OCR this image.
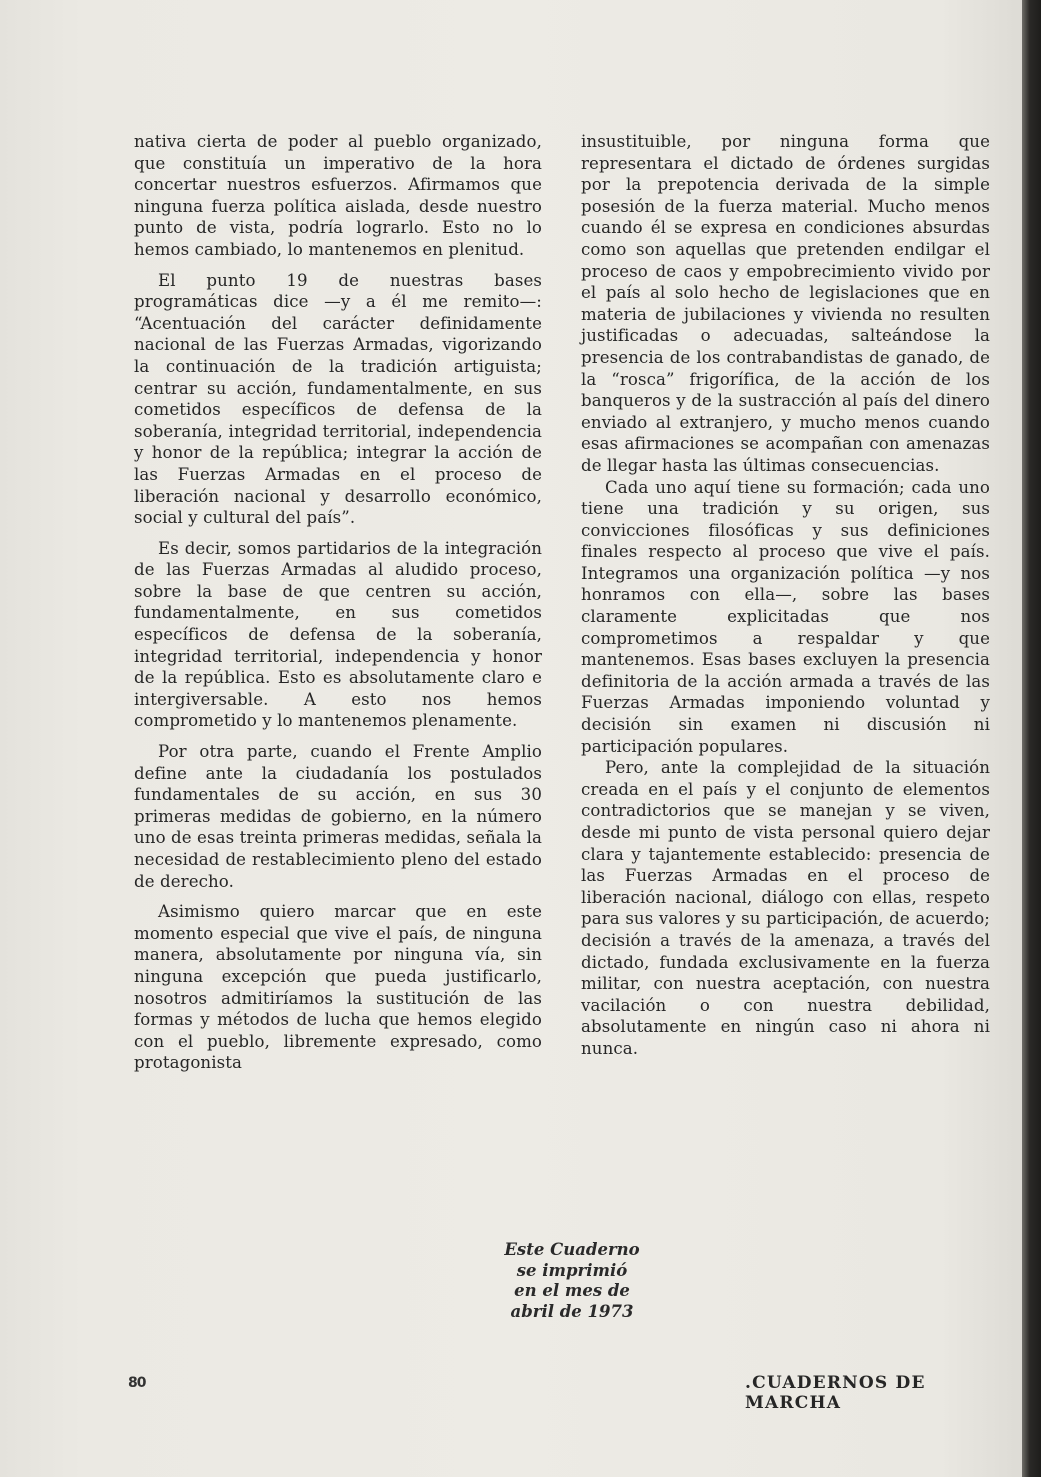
nativa cierta de poder al pueblo organizado, que constituía un imperativo de la hora concertar nuestros esfuerzos. Afirmamos que ninguna fuerza política aislada, desde nuestro punto de vista, podría lograrlo. Esto no lo hemos cambiado, lo mantenemos en plenitud.

El punto 19 de nuestras bases programáticas dice —y a él me remito—: “Acentuación del carácter definidamente nacional de las Fuerzas Armadas, vigorizando la continuación de la tradición artiguista; centrar su acción, fundamentalmente, en sus cometidos específicos de defensa de la soberanía, integridad territorial, independencia y honor de la república; integrar la acción de las Fuerzas Armadas en el proceso de liberación nacional y desarrollo económico, social y cultural del país”.

Es decir, somos partidarios de la integración de las Fuerzas Armadas al aludido proceso, sobre la base de que centren su acción, fundamentalmente, en sus cometidos específicos de defensa de la soberanía, integridad territorial, independencia y honor de la república. Esto es absolutamente claro e intergiversable. A esto nos hemos comprometido y lo mantenemos plenamente.

Por otra parte, cuando el Frente Amplio define ante la ciudadanía los postulados fundamentales de su acción, en sus 30 primeras medidas de gobierno, en la número uno de esas treinta primeras medidas, señala la necesidad de restablecimiento pleno del estado de derecho.

Asimismo quiero marcar que en este momento especial que vive el país, de ninguna manera, absolutamente por ninguna vía, sin ninguna excepción que pueda justificarlo, nosotros admitiríamos la sustitución de las formas y métodos de lucha que hemos elegido con el pueblo, libremente expresado, como protagonista

insustituible, por ninguna forma que representara el dictado de órdenes surgidas por la prepotencia derivada de la simple posesión de la fuerza material. Mucho menos cuando él se expresa en condiciones absurdas como son aquellas que pretenden endilgar el proceso de caos y empobrecimiento vivido por el país al solo hecho de legislaciones que en materia de jubilaciones y vivienda no resulten justificadas o adecuadas, salteándose la presencia de los contrabandistas de ganado, de la “rosca” frigorífica, de la acción de los banqueros y de la sustracción al país del dinero enviado al extranjero, y mucho menos cuando esas afirmaciones se acompañan con amenazas de llegar hasta las últimas consecuencias.

Cada uno aquí tiene su formación; cada uno tiene una tradición y su origen, sus convicciones filosóficas y sus definiciones finales respecto al proceso que vive el país. Integramos una organización política —y nos honramos con ella—, sobre las bases claramente explicitadas que nos comprometimos a respaldar y que mantenemos. Esas bases excluyen la presencia definitoria de la acción armada a través de las Fuerzas Armadas imponiendo voluntad y decisión sin examen ni discusión ni participación populares.

Pero, ante la complejidad de la situación creada en el país y el conjunto de elementos contradictorios que se manejan y se viven, desde mi punto de vista personal quiero dejar clara y tajantemente establecido: presencia de las Fuerzas Armadas en el proceso de liberación nacional, diálogo con ellas, respeto para sus valores y su participación, de acuerdo; decisión a través de la amenaza, a través del dictado, fundada exclusivamente en la fuerza militar, con nuestra aceptación, con nuestra vacilación o con nuestra debilidad, absolutamente en ningún caso ni ahora ni nunca.

Este Cuaderno
se imprimió
en el mes de
abril de 1973
80	.CUADERNOS DE MARCHA
